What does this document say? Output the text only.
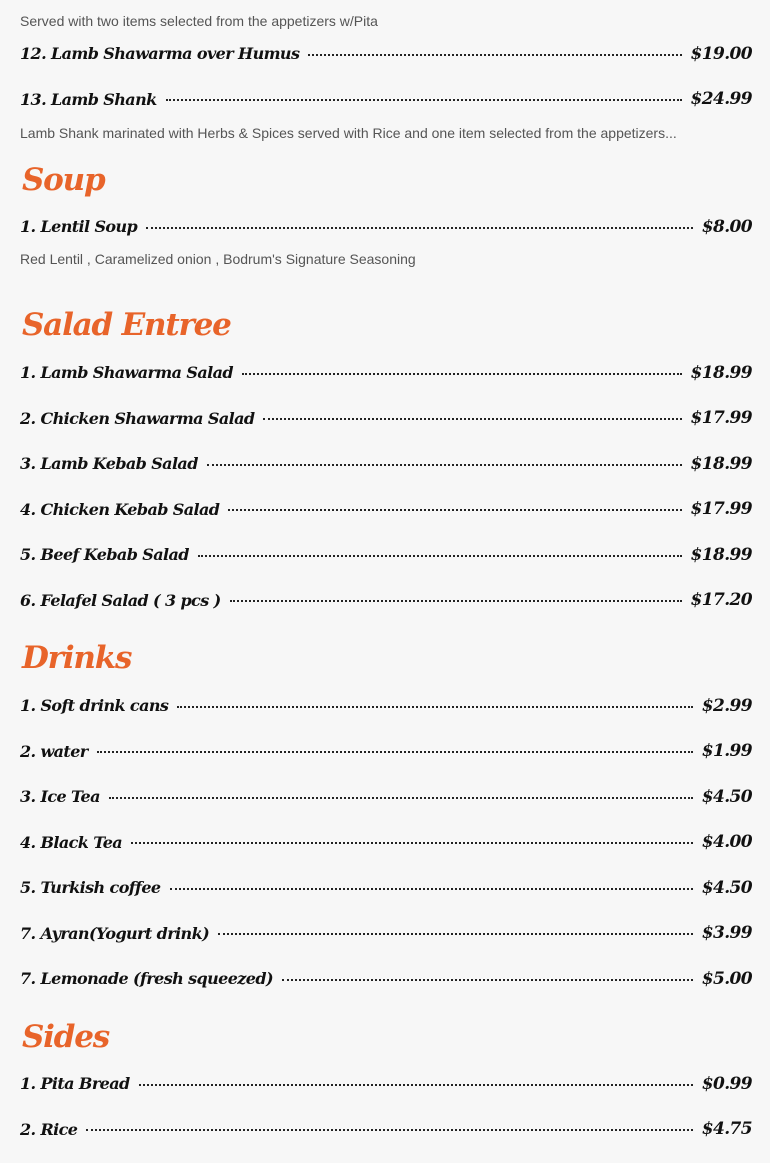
Served with two items selected from the appetizers w/Pita
12. Lamb Shawarma over Humus	$19.00
13. Lamb Shank	$24.99
Lamb Shank marinated with Herbs & Spices served with Rice and one item selected from the appetizers...
Soup
1. Lentil Soup	$8.00
Red Lentil , Caramelized onion , Bodrum's Signature Seasoning
Salad Entree
1. Lamb Shawarma Salad	$18.99
2. Chicken Shawarma Salad	$17.99
3. Lamb Kebab Salad	$18.99
4. Chicken Kebab Salad	$17.99
5. Beef Kebab Salad	$18.99
6. Felafel Salad ( 3 pcs )	$17.20
Drinks
1. Soft drink cans	$2.99
2. water	$1.99
3. Ice Tea	$4.50
4. Black Tea	$4.00
5. Turkish coffee	$4.50
7. Ayran(Yogurt drink)	$3.99
7. Lemonade (fresh squeezed)	$5.00
Sides
1. Pita Bread	$0.99
2. Rice	$4.75
